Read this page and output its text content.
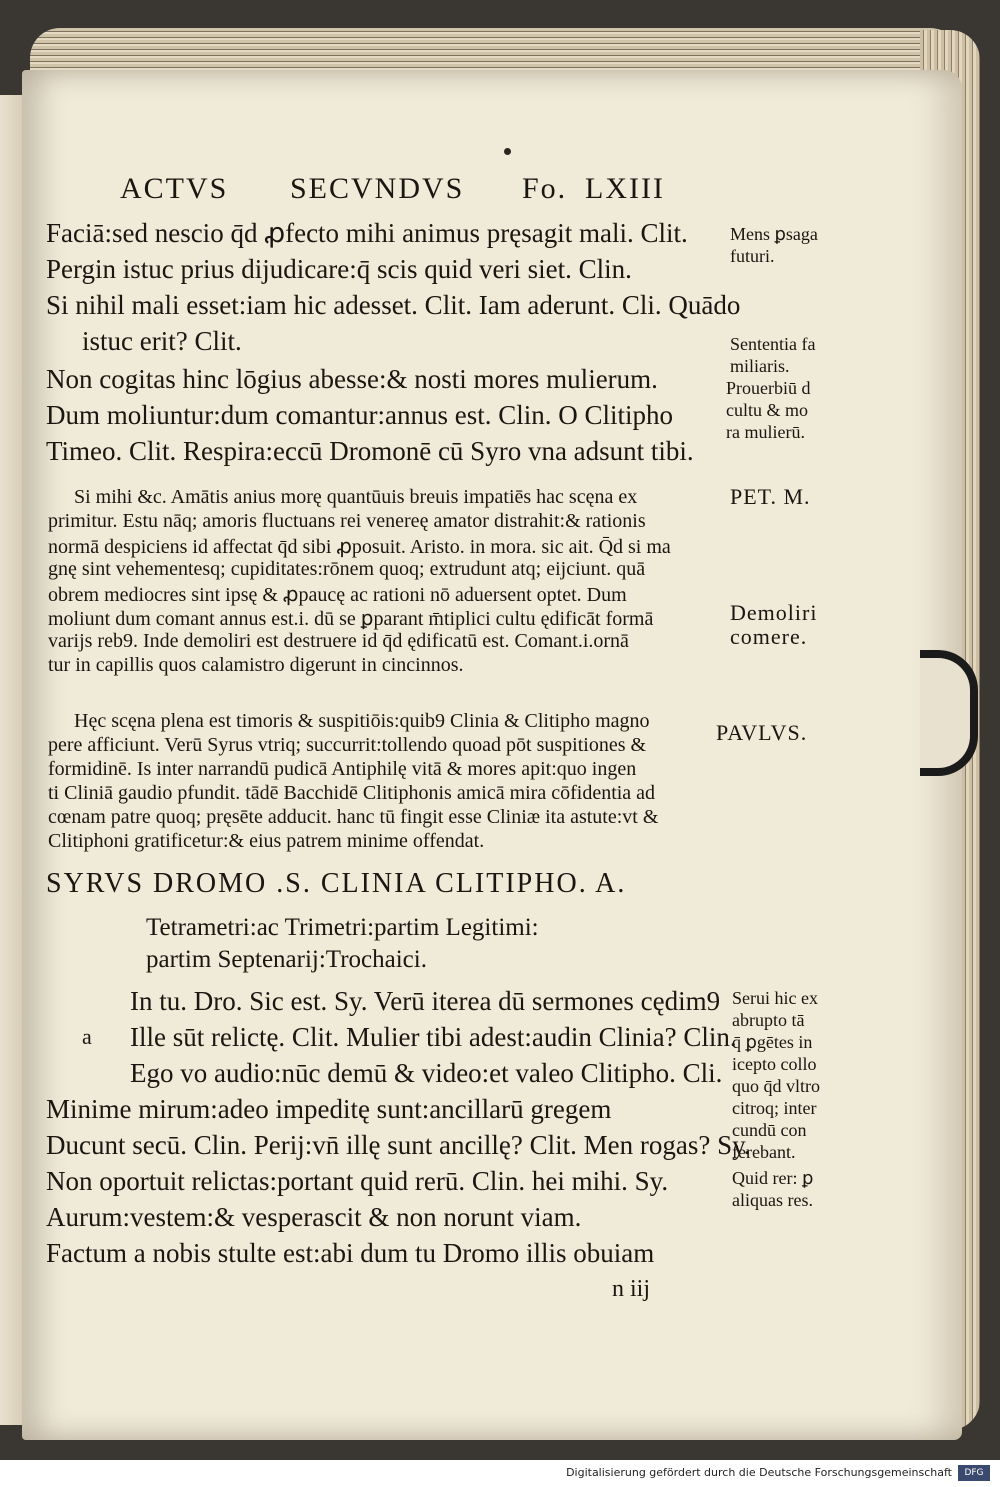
ACTVS SECVNDVS Fo. LXIII
Faciā:sed nescio q̄d ꝓfecto mihi animus pręsagit mali. Clit.
Pergin istuc prius dijudicare:q̄ scis quid veri siet. Clin.
Si nihil mali esset:iam hic adesset. Clit. Iam aderunt. Cli. Quādo
istuc erit? Clit.
Non cogitas hinc lōgius abesse:& nosti mores mulierum.
Dum moliuntur:dum comantur:annus est. Clin. O Clitipho
Timeo. Clit. Respira:eccū Dromonē cū Syro vna adsunt tibi.
Mens ꝑsaga
futuri.
Sententia fa
miliaris.
Prouerbiū d
cultu & mo
ra mulierū.
Si mihi &c. Amātis anius morę quantūuis breuis impatiēs hac scęna ex
primitur. Estu nāq; amoris fluctuans rei venereę amator distrahit:& rationis
normā despiciens id affectat q̄d sibi ꝓposuit. Aristo. in mora. sic ait. Q̄d si ma
gnę sint vehementesq; cupiditates:rōnem quoq; extrudunt atq; eijciunt. quā
obrem mediocres sint ipsę & ꝓpaucę ac rationi nō aduersent optet. Dum
moliunt dum comant annus est.i. dū se ꝑparant m̄tiplici cultu ędificāt formā
varijs reb9. Inde demoliri est destruere id q̄d ędificatū est. Comant.i.ornā
tur in capillis quos calamistro digerunt in cincinnos.
PET. M.
Demoliri
comere.
Hęc scęna plena est timoris & suspitiōis:quib9 Clinia & Clitipho magno
pere afficiunt. Verū Syrus vtriq; succurrit:tollendo quoad pōt suspitiones &
formidinē. Is inter narrandū pudicā Antiphilę vitā & mores apit:quo ingen
ti Cliniā gaudio pfundit. tādē Bacchidē Clitiphonis amicā mira cōfidentia ad
cœnam patre quoq; pręsēte adducit. hanc tū fingit esse Cliniæ ita astute:vt &
Clitiphoni gratificetur:& eius patrem minime offendat.
PAVLVS.
SYRVS DROMO .S. CLINIA CLITIPHO. A.
Tetrametri:ac Trimetri:partim Legitimi:
partim Septenarij:Trochaici.
In tu. Dro. Sic est. Sy. Verū iterea dū sermones cędim9
a Ille sūt relictę. Clit. Mulier tibi adest:audin Clinia? Clin.
Ego vo audio:nūc demū & video:et valeo Clitipho. Cli.
Minime mirum:adeo impeditę sunt:ancillarū gregem
Ducunt secū. Clin. Perij:vn̄ illę sunt ancillę? Clit. Men rogas? Sy.
Non oportuit relictas:portant quid rerū. Clin. hei mihi. Sy.
Aurum:vestem:& vesperascit & non norunt viam.
Factum a nobis stulte est:abi dum tu Dromo illis obuiam
Serui hic ex
abrupto tā
q̄ ꝑgētes in
icepto collo
quo q̄d vltro
citroq; inter
cundū con
ferebant.
Quid rer: ꝑ
aliquas res.
n iij
Digitalisierung gefördert durch die Deutsche Forschungsgemeinschaft	DFG
